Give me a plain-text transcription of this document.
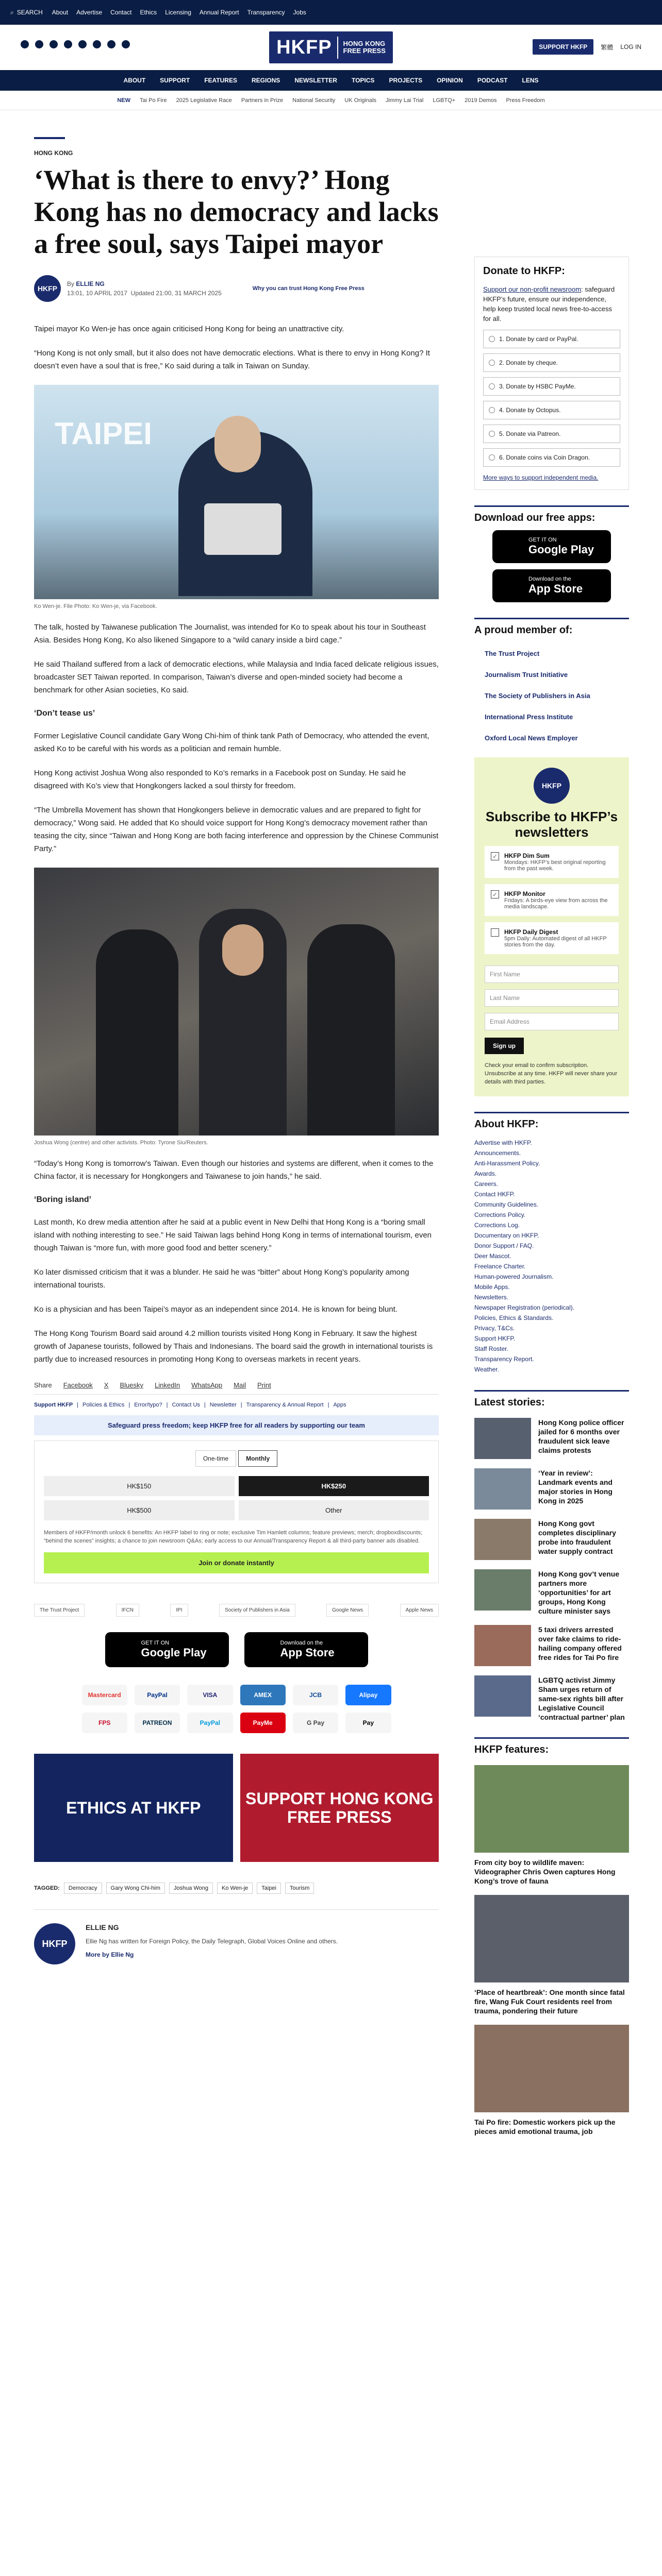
⌕ SEARCH About Advertise Contact Ethics Licensing Annual Report Transparency Jobs
HKFP	HONG KONG
FREE PRESS	SUPPORT HKFP	繁體 LOG IN
ABOUT SUPPORT FEATURES REGIONS NEWSLETTER TOPICS PROJECTS OPINION PODCAST LENS
NEW Tai Po Fire 2025 Legislative Race Partners in Prize National Security UK Originals Jimmy Lai Trial LGBTQ+ 2019 Demos Press Freedom
HONG KONG
‘What is there to envy?’ Hong Kong has no democracy and lacks a free soul, says Taipei mayor
HKFP
By ELLIE NG
13:01, 10 APRIL 2017 Updated 21:00, 31 MARCH 2025
Why you can trust Hong Kong Free Press

Taipei mayor Ko Wen-je has once again criticised Hong Kong for being an unattractive city.

“Hong Kong is not only small, but it also does not have democratic elections. What is there to envy in Hong Kong? It doesn’t even have a soul that is free,” Ko said during a talk in Taiwan on Sunday.

TAIPEI
Ko Wen-je. File Photo: Ko Wen-je, via Facebook.

The talk, hosted by Taiwanese publication The Journalist, was intended for Ko to speak about his tour in Southeast Asia. Besides Hong Kong, Ko also likened Singapore to a “wild canary inside a bird cage.”

He said Thailand suffered from a lack of democratic elections, while Malaysia and India faced delicate religious issues, broadcaster SET Taiwan reported. In comparison, Taiwan’s diverse and open-minded society had become a benchmark for other Asian societies, Ko said.

‘Don’t tease us’

Former Legislative Council candidate Gary Wong Chi-him of think tank Path of Democracy, who attended the event, asked Ko to be careful with his words as a politician and remain humble.

Hong Kong activist Joshua Wong also responded to Ko’s remarks in a Facebook post on Sunday. He said he disagreed with Ko’s view that Hongkongers lacked a soul thirsty for freedom.

“The Umbrella Movement has shown that Hongkongers believe in democratic values and are prepared to fight for democracy,” Wong said. He added that Ko should voice support for Hong Kong’s democracy movement rather than teasing the city, since “Taiwan and Hong Kong are both facing interference and oppression by the Chinese Communist Party.”

Joshua Wong (centre) and other activists. Photo: Tyrone Siu/Reuters.

“Today’s Hong Kong is tomorrow’s Taiwan. Even though our histories and systems are different, when it comes to the China factor, it is necessary for Hongkongers and Taiwanese to join hands,” he said.

‘Boring island’

Last month, Ko drew media attention after he said at a public event in New Delhi that Hong Kong is a “boring small island with nothing interesting to see.” He said Taiwan lags behind Hong Kong in terms of international tourism, even though Taiwan is “more fun, with more good food and better scenery.”

Ko later dismissed criticism that it was a blunder. He said he was “bitter” about Hong Kong’s popularity among international tourists.

Ko is a physician and has been Taipei’s mayor as an independent since 2014. He is known for being blunt.

The Hong Kong Tourism Board said around 4.2 million tourists visited Hong Kong in February. It saw the highest growth of Japanese tourists, followed by Thais and Indonesians. The board said the growth in international tourists is partly due to increased resources in promoting Hong Kong to overseas markets in recent years.

Share Facebook X Bluesky LinkedIn WhatsApp Mail Print
Support HKFP | Policies & Ethics | Error/typo? | Contact Us | Newsletter | Transparency & Annual Report | Apps
Safeguard press freedom; keep HKFP free for all readers by supporting our team
One-time	Monthly
HK$150	HK$250
HK$500	Other
Members of HKFP/month unlock 6 benefits: An HKFP label to ring or note; exclusive Tim Hamlett columns; feature previews; merch; dropboxdiscounts; “behind the scenes” insights; a chance to join newsroom Q&As; early access to our Annual/Transparency Report & all third-party banner ads disabled.
Join or donate instantly
The Trust Project	IFCN	IPI	Society of Publishers in Asia	Google News	Apple News
GET IT ON
Google Play
Download on the
App Store
Mastercard	PayPal	VISA	AMEX	JCB	Alipay
FPS	PATREON	PayPal	PayMe	G Pay	Pay
ETHICS AT HKFP	SUPPORT HONG KONG FREE PRESS
TAGGED:	Democracy	Gary Wong Chi-him	Joshua Wong	Ko Wen-je	Taipei	Tourism
HKFP
ELLIE NG
Ellie Ng has written for Foreign Policy, the Daily Telegraph, Global Voices Online and others.
More by Ellie Ng
Donate to HKFP:
Support our non-profit newsroom: safeguard HKFP’s future, ensure our independence, help keep trusted local news free-to-access for all.
1. Donate by card or PayPal.
2. Donate by cheque.
3. Donate by HSBC PayMe.
4. Donate by Octopus.
5. Donate via Patreon.
6. Donate coins via Coin Dragon.
More ways to support independent media.
Download our free apps:
GET IT ON
Google Play
Download on the
App Store
A proud member of:
The Trust Project
Journalism Trust Initiative
The Society of Publishers in Asia
International Press Institute
Oxford Local News Employer
HKFP
Subscribe to HKFP’s newsletters
✓ HKFP Dim Sum
Mondays: HKFP’s best original reporting from the past week.
✓ HKFP Monitor
Fridays: A birds-eye view from across the media landscape.
HKFP Daily Digest
5pm Daily: Automated digest of all HKFP stories from the day.
First Name
Last Name
Email Address
Sign up
Check your email to confirm subscription. Unsubscribe at any time. HKFP will never share your details with third parties.
About HKFP:
Advertise with HKFP.
Announcements.
Anti-Harassment Policy.
Awards.
Careers.
Contact HKFP.
Community Guidelines.
Corrections Policy.
Corrections Log.
Documentary on HKFP.
Donor Support / FAQ.
Deer Mascot.
Freelance Charter.
Human-powered Journalism.
Mobile Apps.
Newsletters.
Newspaper Registration (periodical).
Policies, Ethics & Standards.
Privacy, T&Cs.
Support HKFP.
Staff Roster.
Transparency Report.
Weather.
Latest stories:
Hong Kong police officer jailed for 6 months over fraudulent sick leave claims protests
‘Year in review’: Landmark events and major stories in Hong Kong in 2025
Hong Kong govt completes disciplinary probe into fraudulent water supply contract
Hong Kong gov’t venue partners more ‘opportunities’ for art groups, Hong Kong culture minister says
5 taxi drivers arrested over fake claims to ride-hailing company offered free rides for Tai Po fire
LGBTQ activist Jimmy Sham urges return of same-sex rights bill after Legislative Council ‘contractual partner’ plan
HKFP features:
From city boy to wildlife maven: Videographer Chris Owen captures Hong Kong’s trove of fauna
‘Place of heartbreak’: One month since fatal fire, Wang Fuk Court residents reel from trauma, pondering their future
Tai Po fire: Domestic workers pick up the pieces amid emotional trauma, job
